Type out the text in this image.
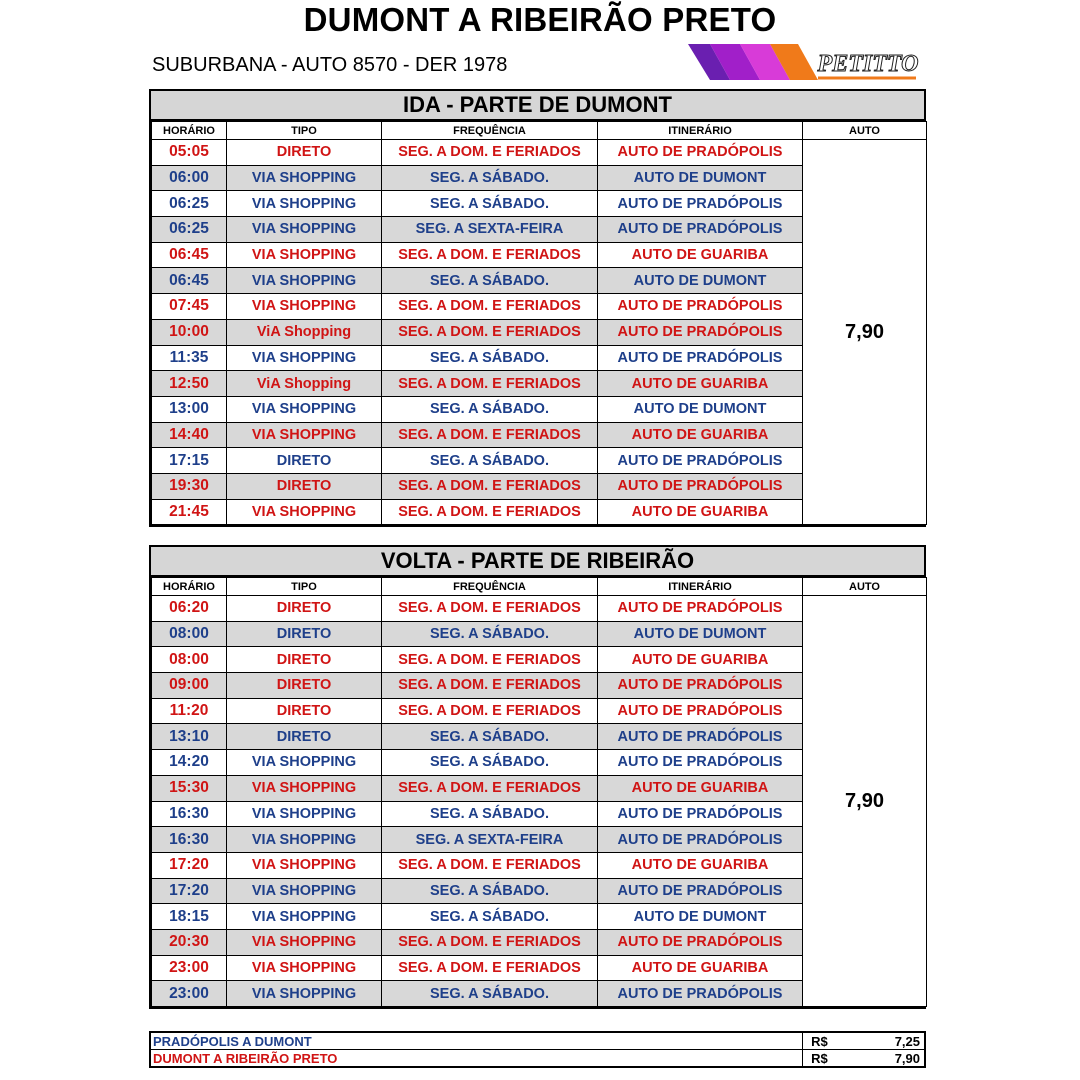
DUMONT A RIBEIRÃO PRETO
SUBURBANA - AUTO 8570 - DER 1978	PETITTO
IDA - PARTE DE DUMONT
HORÁRIO	TIPO	FREQUÊNCIA	ITINERÁRIO	AUTO
05:05	DIRETO	SEG. A DOM. E FERIADOS	AUTO DE PRADÓPOLIS	7,90
06:00	VIA SHOPPING	SEG. A SÁBADO.	AUTO DE DUMONT	
06:25	VIA SHOPPING	SEG. A SÁBADO.	AUTO DE PRADÓPOLIS	
06:25	VIA SHOPPING	SEG. A SEXTA-FEIRA	AUTO DE PRADÓPOLIS	
06:45	VIA SHOPPING	SEG. A DOM. E FERIADOS	AUTO DE GUARIBA	
06:45	VIA SHOPPING	SEG. A SÁBADO.	AUTO DE DUMONT	
07:45	VIA SHOPPING	SEG. A DOM. E FERIADOS	AUTO DE PRADÓPOLIS	
10:00	ViA Shopping	SEG. A DOM. E FERIADOS	AUTO DE PRADÓPOLIS	
11:35	VIA SHOPPING	SEG. A SÁBADO.	AUTO DE PRADÓPOLIS	
12:50	ViA Shopping	SEG. A DOM. E FERIADOS	AUTO DE GUARIBA	
13:00	VIA SHOPPING	SEG. A SÁBADO.	AUTO DE DUMONT	
14:40	VIA SHOPPING	SEG. A DOM. E FERIADOS	AUTO DE GUARIBA	
17:15	DIRETO	SEG. A SÁBADO.	AUTO DE PRADÓPOLIS	
19:30	DIRETO	SEG. A DOM. E FERIADOS	AUTO DE PRADÓPOLIS	
21:45	VIA SHOPPING	SEG. A DOM. E FERIADOS	AUTO DE GUARIBA	
VOLTA - PARTE DE RIBEIRÃO
HORÁRIO	TIPO	FREQUÊNCIA	ITINERÁRIO	AUTO
06:20	DIRETO	SEG. A DOM. E FERIADOS	AUTO DE PRADÓPOLIS	7,90
08:00	DIRETO	SEG. A SÁBADO.	AUTO DE DUMONT	
08:00	DIRETO	SEG. A DOM. E FERIADOS	AUTO DE GUARIBA	
09:00	DIRETO	SEG. A DOM. E FERIADOS	AUTO DE PRADÓPOLIS	
11:20	DIRETO	SEG. A DOM. E FERIADOS	AUTO DE PRADÓPOLIS	
13:10	DIRETO	SEG. A SÁBADO.	AUTO DE PRADÓPOLIS	
14:20	VIA SHOPPING	SEG. A SÁBADO.	AUTO DE PRADÓPOLIS	
15:30	VIA SHOPPING	SEG. A DOM. E FERIADOS	AUTO DE GUARIBA	
16:30	VIA SHOPPING	SEG. A SÁBADO.	AUTO DE PRADÓPOLIS	
16:30	VIA SHOPPING	SEG. A SEXTA-FEIRA	AUTO DE PRADÓPOLIS	
17:20	VIA SHOPPING	SEG. A DOM. E FERIADOS	AUTO DE GUARIBA	
17:20	VIA SHOPPING	SEG. A SÁBADO.	AUTO DE PRADÓPOLIS	
18:15	VIA SHOPPING	SEG. A SÁBADO.	AUTO DE DUMONT	
20:30	VIA SHOPPING	SEG. A DOM. E FERIADOS	AUTO DE PRADÓPOLIS	
23:00	VIA SHOPPING	SEG. A DOM. E FERIADOS	AUTO DE GUARIBA	
23:00	VIA SHOPPING	SEG. A SÁBADO.	AUTO DE PRADÓPOLIS	
PRADÓPOLIS A DUMONT	R$	7,25
DUMONT A RIBEIRÃO PRETO	R$	7,90
